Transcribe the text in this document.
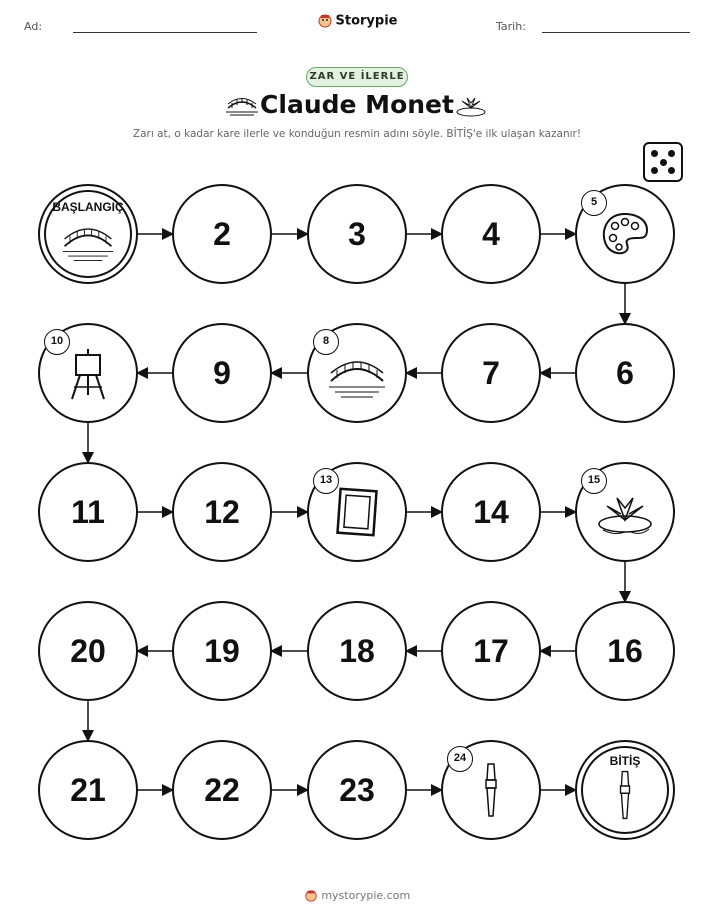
Ad:	Storypie	Tarih:
ZAR VE İLERLE
Claude Monet
Zarı at, o kadar kare ilerle ve konduğun resmin adını söyle. BİTİŞ'e ilk ulaşan kazanır!
BAŞLANGIÇ
2	3	4
5
6
7
8
9
10
11	12
13
14
15
16
17
18
19
20
21	22	23
24	BİTİŞ
mystorypie.com
